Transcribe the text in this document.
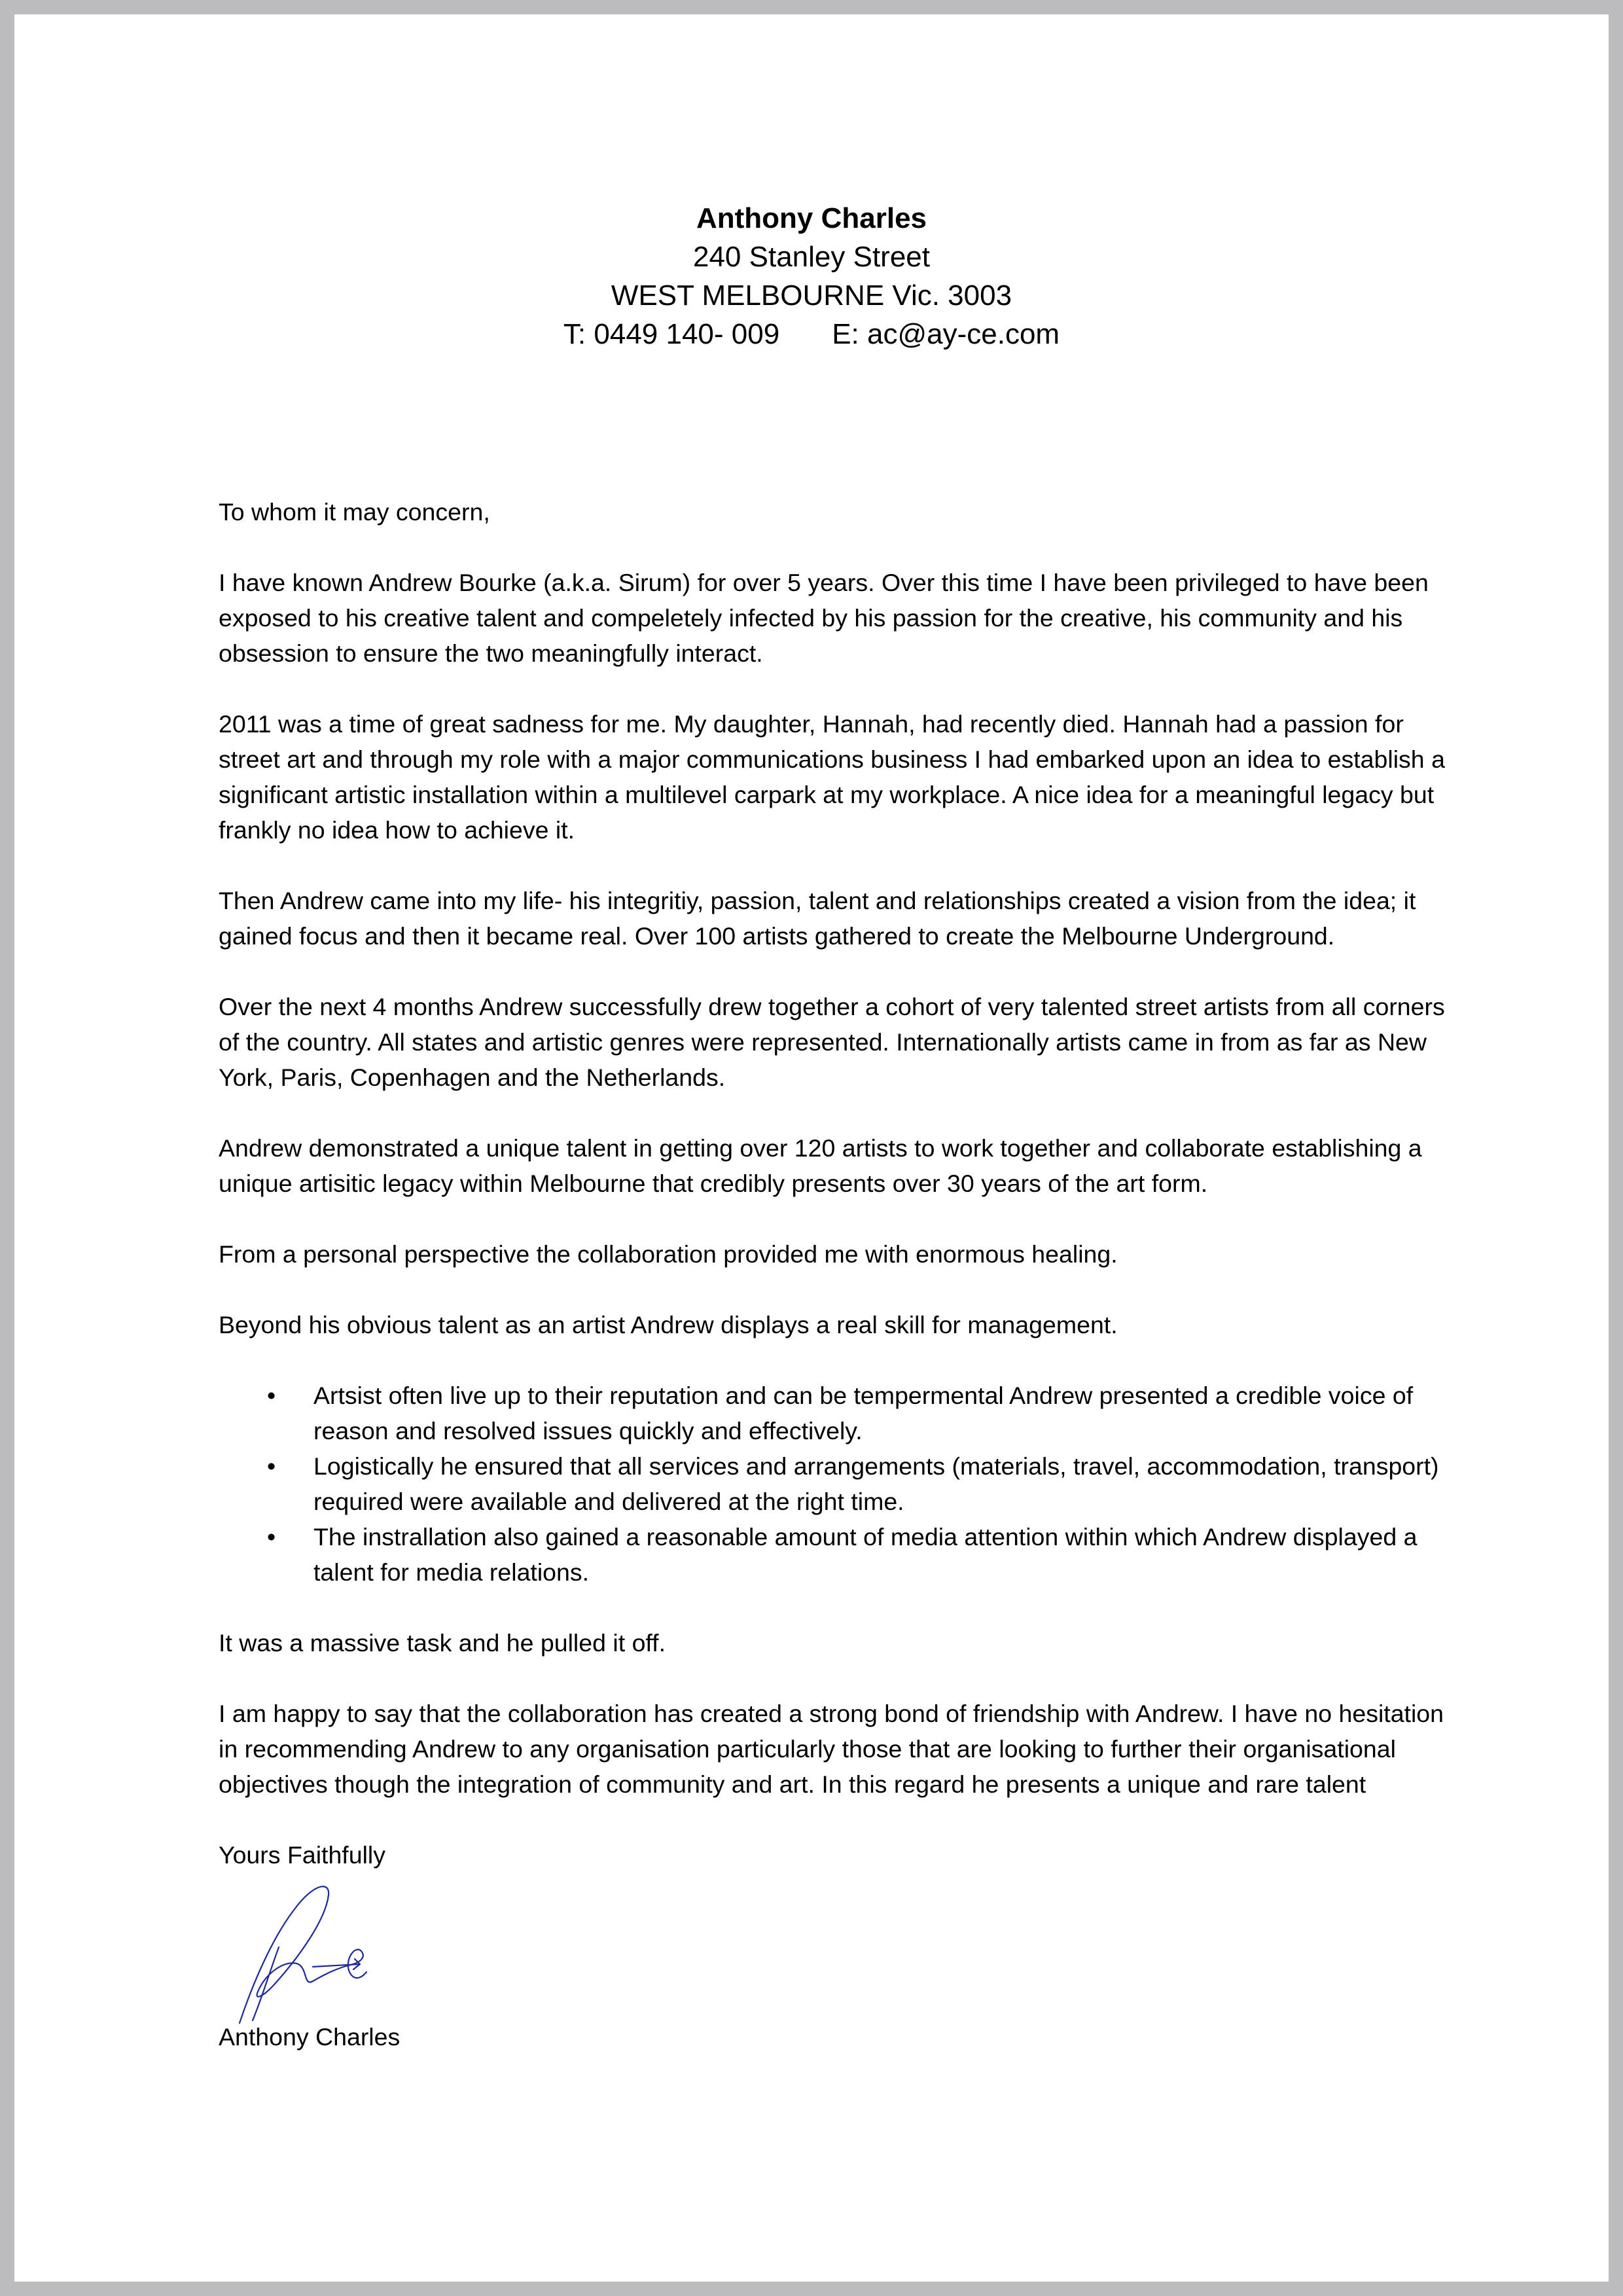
Anthony Charles
240 Stanley Street
WEST MELBOURNE Vic. 3003
T: 0449 140- 009 E: ac@ay-ce.com

To whom it may concern,

I have known Andrew Bourke (a.k.a. Sirum) for over 5 years. Over this time I have been privileged to have been exposed to his creative talent and compeletely infected by his passion for the creative, his community and his obsession to ensure the two meaningfully interact.

2011 was a time of great sadness for me. My daughter, Hannah, had recently died. Hannah had a passion for street art and through my role with a major communications business I had embarked upon an idea to establish a significant artistic installation within a multilevel carpark at my workplace. A nice idea for a meaningful legacy but frankly no idea how to achieve it.

Then Andrew came into my life- his integritiy, passion, talent and relationships created a vision from the idea; it gained focus and then it became real. Over 100 artists gathered to create the Melbourne Underground.

Over the next 4 months Andrew successfully drew together a cohort of very talented street artists from all corners of the country. All states and artistic genres were represented. Internationally artists came in from as far as New York, Paris, Copenhagen and the Netherlands.

Andrew demonstrated a unique talent in getting over 120 artists to work together and collaborate establishing a unique artisitic legacy within Melbourne that credibly presents over 30 years of the art form.

From a personal perspective the collaboration provided me with enormous healing.

Beyond his obvious talent as an artist Andrew displays a real skill for management.

• Artsist often live up to their reputation and can be tempermental Andrew presented a credible voice of reason and resolved issues quickly and effectively.
• Logistically he ensured that all services and arrangements (materials, travel, accommodation, transport) required were available and delivered at the right time.
• The instrallation also gained a reasonable amount of media attention within which Andrew displayed a talent for media relations.

It was a massive task and he pulled it off.

I am happy to say that the collaboration has created a strong bond of friendship with Andrew. I have no hesitation in recommending Andrew to any organisation particularly those that are looking to further their organisational objectives though the integration of community and art. In this regard he presents a unique and rare talent

Yours Faithfully

Anthony Charles
